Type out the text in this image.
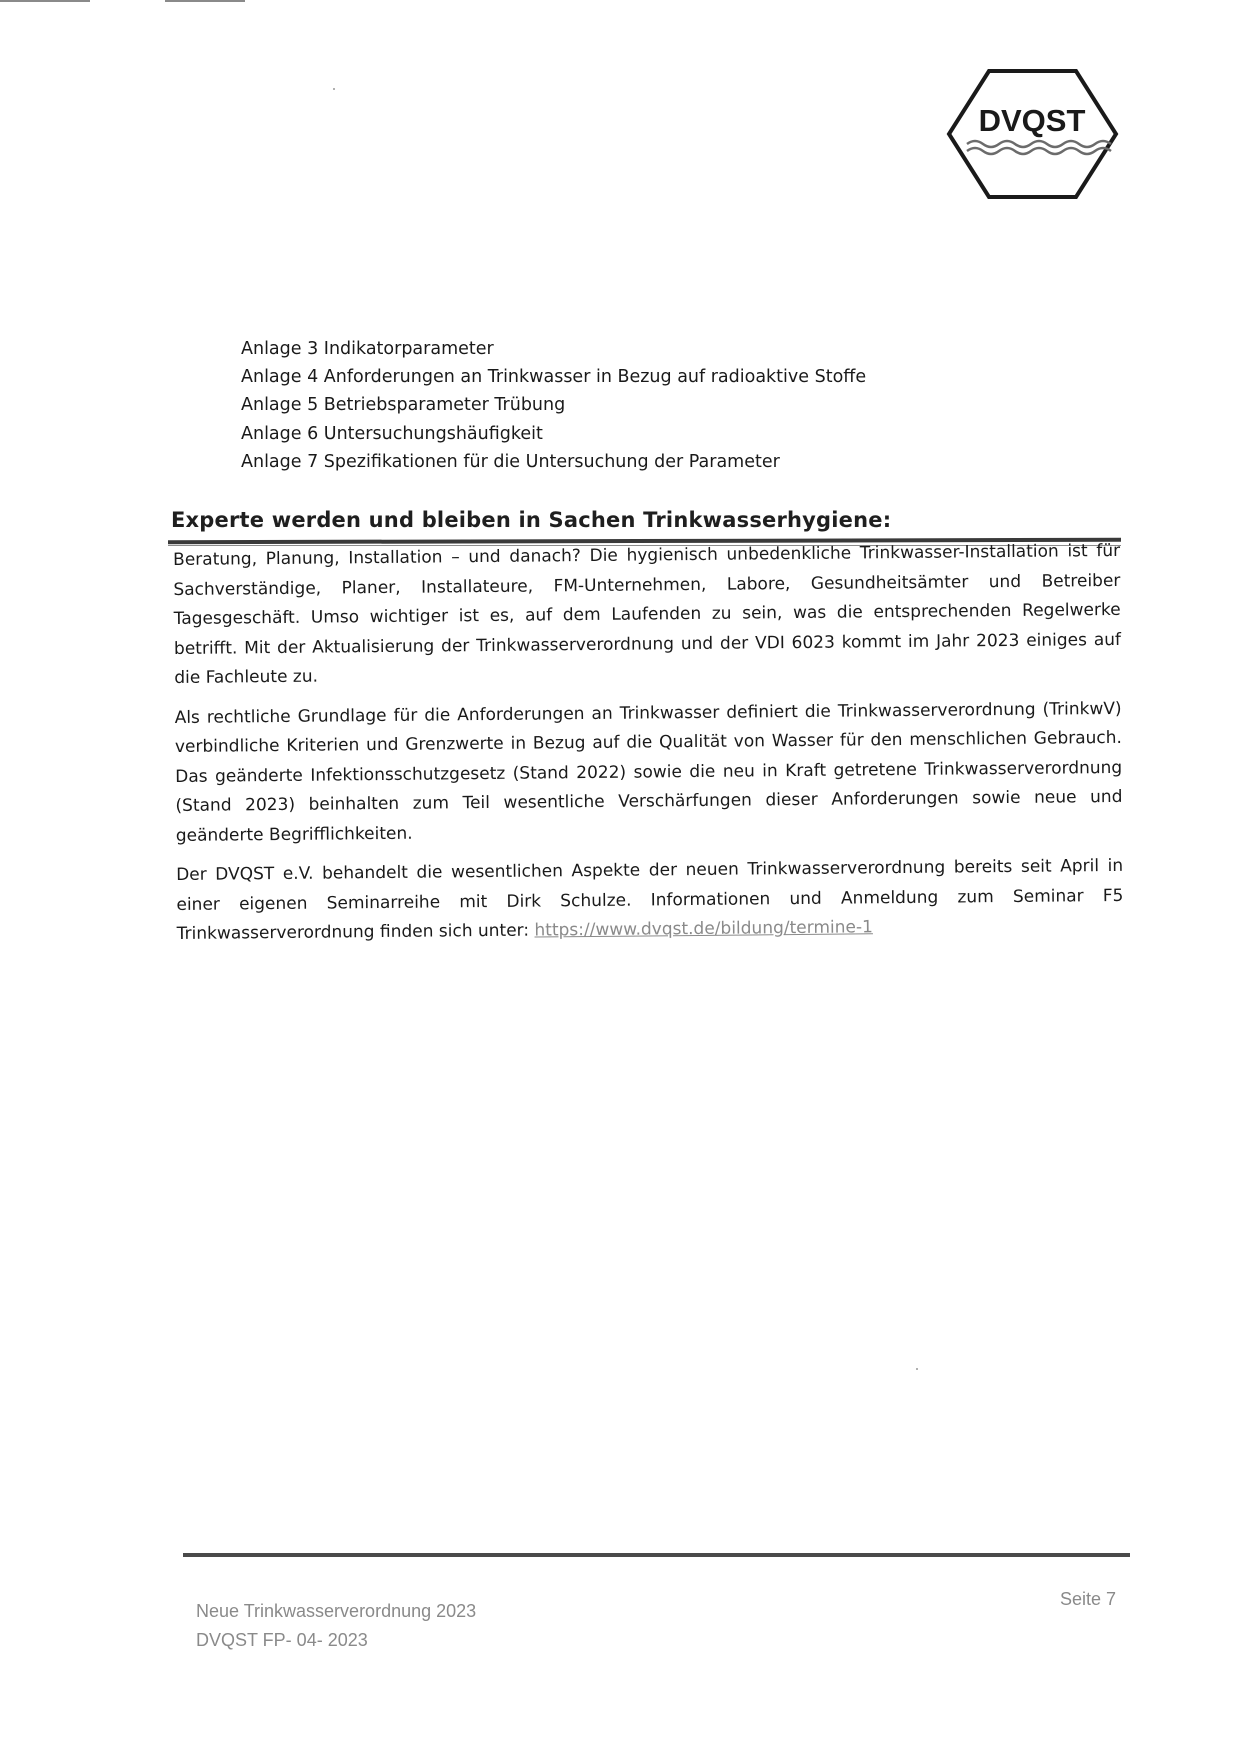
DVQST
Anlage 3 Indikatorparameter
Anlage 4 Anforderungen an Trinkwasser in Bezug auf radioaktive Stoffe
Anlage 5 Betriebsparameter Trübung
Anlage 6 Untersuchungshäufigkeit
Anlage 7 Spezifikationen für die Untersuchung der Parameter
Experte werden und bleiben in Sachen Trinkwasserhygiene:

Beratung, Planung, Installation – und danach? Die hygienisch unbedenkliche Trinkwasser-Installation ist für Sachverständige, Planer, Installateure, FM-Unternehmen, Labore, Gesundheitsämter und Betreiber Tagesgeschäft. Umso wichtiger ist es, auf dem Laufenden zu sein, was die entsprechenden Regelwerke betrifft. Mit der Aktualisierung der Trinkwasserverordnung und der VDI 6023 kommt im Jahr 2023 einiges auf die Fachleute zu.

Als rechtliche Grundlage für die Anforderungen an Trinkwasser definiert die Trinkwasserverordnung (TrinkwV) verbindliche Kriterien und Grenzwerte in Bezug auf die Qualität von Wasser für den menschlichen Gebrauch. Das geänderte Infektionsschutzgesetz (Stand 2022) sowie die neu in Kraft getretene Trinkwasserverordnung (Stand 2023) beinhalten zum Teil wesentliche Verschärfungen dieser Anforderungen sowie neue und geänderte Begrifflichkeiten.

Der DVQST e.V. behandelt die wesentlichen Aspekte der neuen Trinkwasserverordnung bereits seit April in einer eigenen Seminarreihe mit Dirk Schulze. Informationen und Anmeldung zum Seminar F5 Trinkwasserverordnung finden sich unter: https://www.dvqst.de/bildung/termine-1

Neue Trinkwasserverordnung 2023
DVQST FP- 04- 2023
Seite 7
